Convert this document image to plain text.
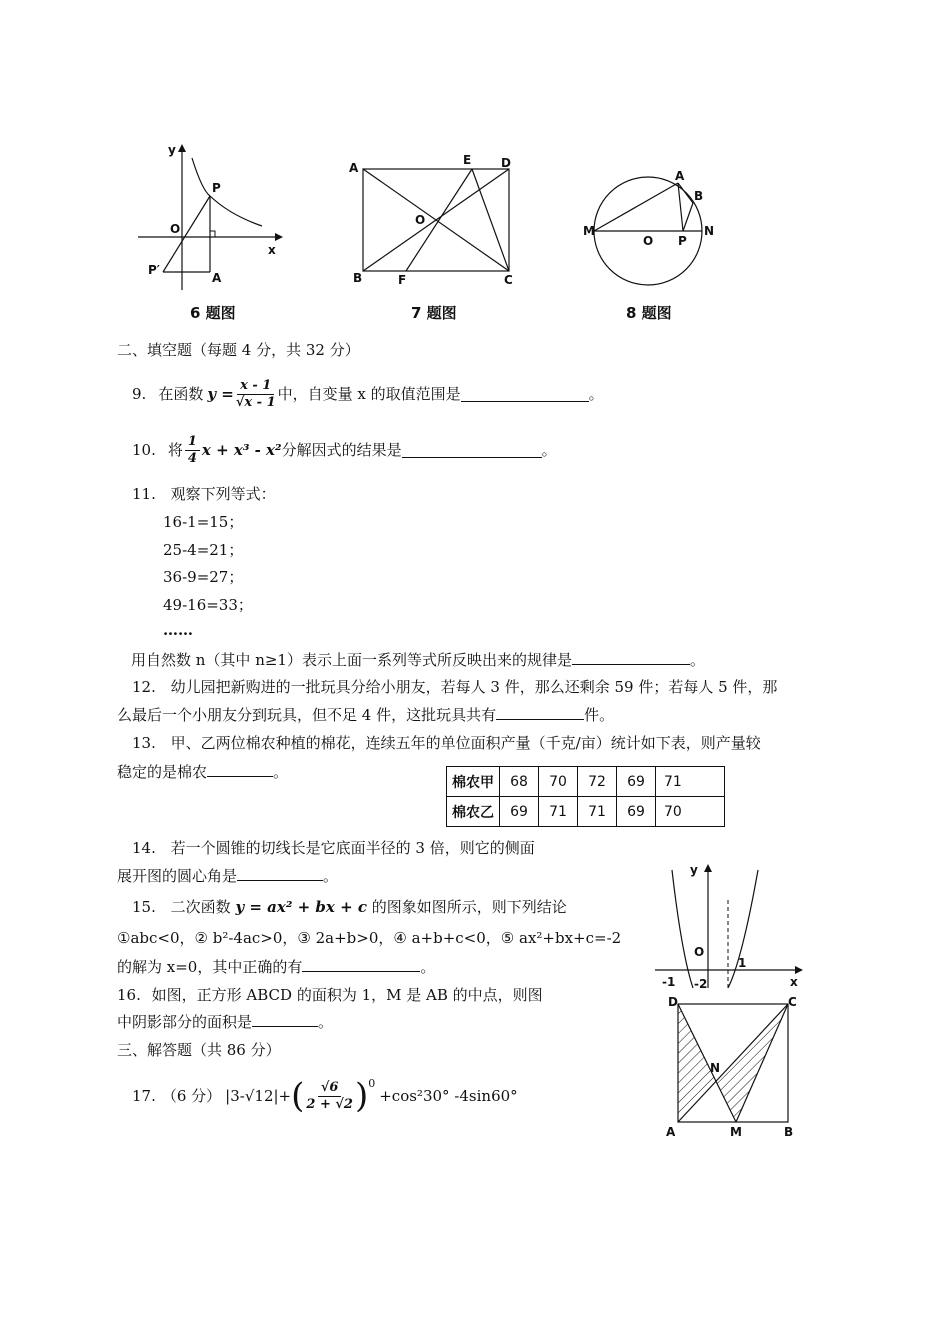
y
O
P
P′
A
x
6 题图
A
E D
O
B	F	C
7 题图
A
B
M
O P
N
8 题图
二、填空题（每题 4 分，共 32 分）
9. 在函数 $y = \frac{x - 1}{√x - 1}$ 中，自变量 x 的取值范围是	。
10. 将 $\frac{1}{4}$ x + x³ - x² 分解因式的结果是	。
11. 观察下列等式：
16-1=15；
25-4=21；
36-9=27；
49-16=33；
……
用自然数 n（其中 n≥1）表示上面一系列等式所反映出来的规律是	。
12. 幼儿园把新购进的一批玩具分给小朋友，若每人 3 件，那么还剩余 59 件；若每人 5 件，那
么最后一个小朋友分到玩具，但不足 4 件，这批玩具共有	件。
13. 甲、乙两位棉农种植的棉花，连续五年的单位面积产量（千克/亩）统计如下表，则产量较
稳定的是棉农	。
棉农甲	68	70	72	69	71
棉农乙	69	71	71	69	70
14. 若一个圆锥的切线长是它底面半径的 3 倍，则它的侧面
展开图的圆心角是	。
15. 二次函数 y = ax² + bx + c 的图象如图所示，则下列结论
①abc<0，② b²-4ac>0，③ 2a+b>0，④ a+b+c<0，⑤ ax²+bx+c=-2
的解为 x=0，其中正确的有	。
y
O
-1
1
x
-2
16. 如图，正方形 ABCD 的面积为 1，M 是 AB 的中点，则图
中阴影部分的面积是	。
D	C
N
A	M	B
三、解答题（共 86 分）
17. （6 分） |3-√12|+ ( $\frac{√6}{2 + √2}$ ) 0
+cos²30° -4sin60°
